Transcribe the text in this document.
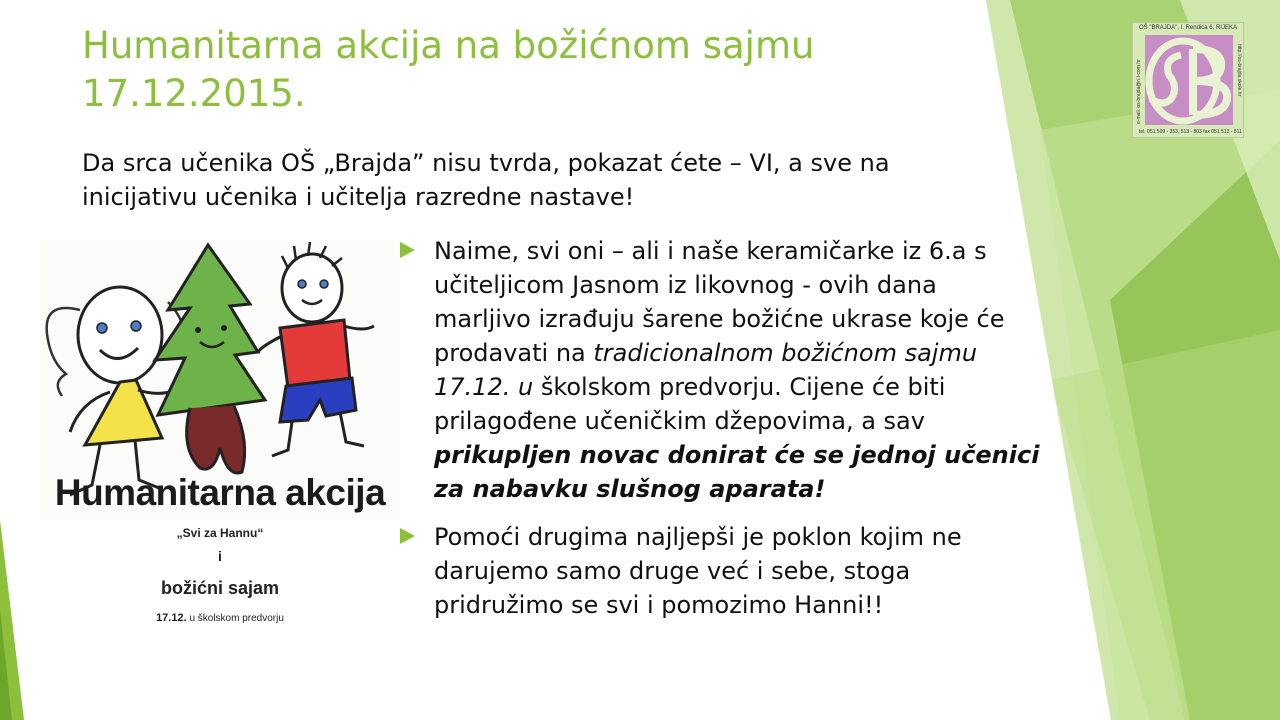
Humanitarna akcija na božićnom sajmu 17.12.2015.
Da srca učenika OŠ „Brajda” nisu tvrda, pokazat ćete – VI, a sve na inicijativu učenika i učitelja razredne nastave!
Naime, svi oni – ali i naše keramičarke iz 6.a s učiteljicom Jasnom iz likovnog - ovih dana marljivo izrađuju šarene božićne ukrase koje će prodavati na tradicionalnom božićnom sajmu 17.12. u školskom predvorju. Cijene će biti prilagođene učeničkim džepovima, a sav prikupljen novac donirat će se jednoj učenici za nabavku slušnog aparata!
Pomoći drugima najljepši je poklon kojim ne darujemo samo druge već i sebe, stoga pridružimo se svi i pomozimo Hanni!!
Humanitarna akcija
„Svi za Hannu“
i
božićni sajam
17.12. u školskom predvorju
OŠ "BRAJDA", I. Rendića 6, RIJEKA
e-mail: os-brajda@ri.t-com.hr	http://os-brajda.skole.hr
tel. 051 509 - 353, 513 - 803 fax 051 513 - 811
